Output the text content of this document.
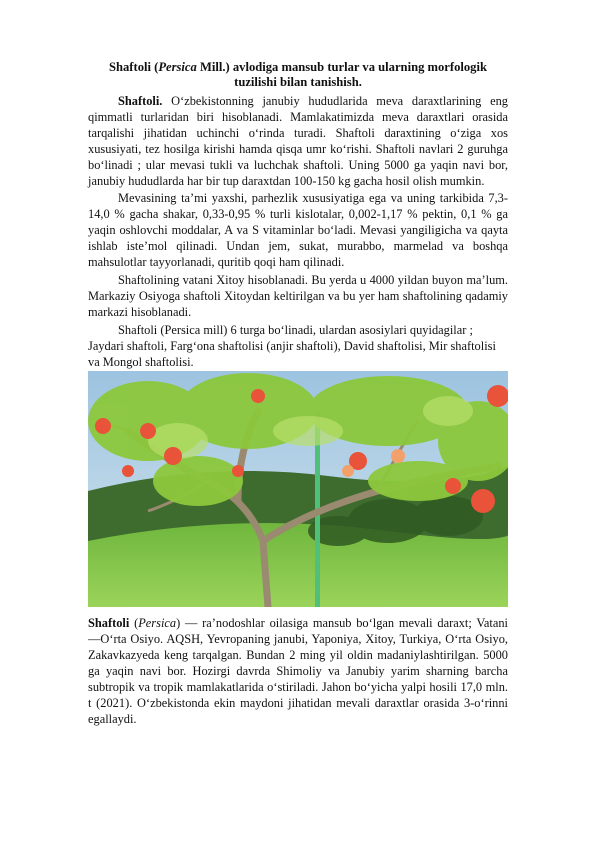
Shaftoli (Persica Mill.) avlodiga mansub turlar va ularning morfologik tuzilishi bilan tanishish.

Shaftoli. O‘zbekistonning janubiy hududlarida meva daraxtlarining eng qimmatli turlaridan biri hisoblanadi. Mamlakatimizda meva daraxtlari orasida tarqalishi jihatidan uchinchi o‘rinda turadi. Shaftoli daraxtining o‘ziga xos xususiyati, tez hosilga kirishi hamda qisqa umr ko‘rishi. Shaftoli navlari 2 guruhga bo‘linadi ; ular mevasi tukli va luchchak shaftoli. Uning 5000 ga yaqin navi bor, janubiy hududlarda har bir tup daraxtdan 100-150 kg gacha hosil olish mumkin.

Mevasining ta’mi yaxshi, parhezlik xususiyatiga ega va uning tarkibida 7,3-14,0 % gacha shakar, 0,33-0,95 % turli kislotalar, 0,002-1,17 % pektin, 0,1 % ga yaqin oshlovchi moddalar, A va S vitaminlar bo‘ladi. Mevasi yangiligicha va qayta ishlab iste’mol qilinadi. Undan jem, sukat, murabbo, marmelad va boshqa mahsulotlar tayyorlanadi, quritib qoqi ham qilinadi.

Shaftolining vatani Xitoy hisoblanadi. Bu yerda u 4000 yildan buyon ma’lum. Markaziy Osiyoga shaftoli Xitoydan keltirilgan va bu yer ham shaftolining qadamiy markazi hisoblanadi.

Shaftoli (Persica mill) 6 turga bo‘linadi, ulardan asosiylari quyidagilar ;

Jaydari shaftoli, Farg‘ona shaftolisi (anjir shaftoli), David shaftolisi, Mir shaftolisi va Mongol shaftolisi.

Shaftoli (Persica) — ra’nodoshlar oilasiga mansub bo‘lgan mevali daraxt; Vatani —O‘rta Osiyo. AQSH, Yevropaning janubi, Yaponiya, Xitoy, Turkiya, O‘rta Osiyo, Zakavkazyeda keng tarqalgan. Bundan 2 ming yil oldin madaniylashtirilgan. 5000 ga yaqin navi bor. Hozirgi davrda Shimoliy va Janubiy yarim sharning barcha subtropik va tropik mamlakatlarida o‘stiriladi. Jahon bo‘yicha yalpi hosili 17,0 mln. t (2021). O‘zbekistonda ekin maydoni jihatidan mevali daraxtlar orasida 3-o‘rinni egallaydi.
